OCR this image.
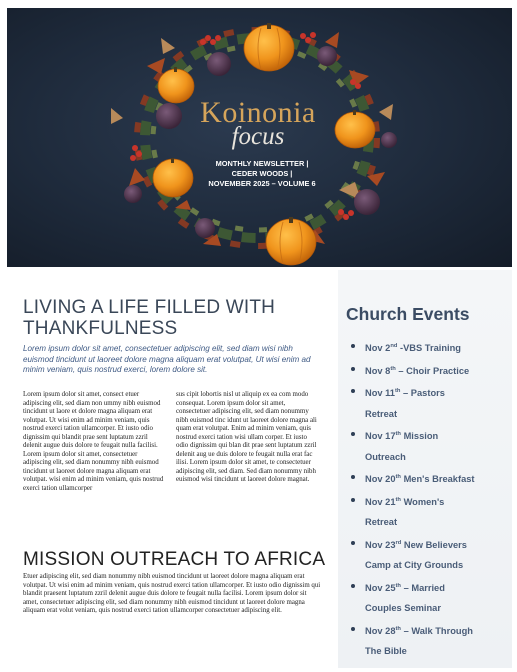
Koinonia
focus
MONTHLY NEWSLETTER |
CEDER WOODS |
NOVEMBER 2025 – VOLUME 6
LIVING A LIFE FILLED WITH
THANKFULNESS
Lorem ipsum dolor sit amet, consectetuer adipiscing elit, sed diam wisi nibh euismod tincidunt ut laoreet dolore magna aliquam erat volutpat, Ut wisi enim ad minim veniam, quis nostrud exerci, lorem dolore sit.
Lorem ipsum dolor sit amet, consect etuer adipiscing elit, sed diam non ummy nibh euismod tincidunt ut laore et dolore magna aliquam erat volutpat. Ut wisi enim ad minim veniam, quis nostrud exerci tation ullamcorper. Et iusto odio dignissim qui blandit prae sent luptatum zzril delenit augue duis dolore te feugait nulla facilisi. Lorem ipsum dolor sit amet, consectetuer adipiscing elit, sed diam nonummy nibh euismod tincidunt ut laoreet dolore magna aliquam erat volutpat. wisi enim ad minim veniam, quis nostrud exerci tation ullamcorper
sus cipit lobortis nisl ut aliquip ex ea com modo consequat. Lorem ipsum dolor sit amet, consectetuer adipiscing elit, sed diam nonummy nibh euismod tinc idunt ut laoreet dolore magna ali quam erat volutpat. Enim ad minim veniam, quis nostrud exerci tation wisi ullam corper. Et iusto odio dignissim qui blan dit prae sent luptatum zzril delenit aug ue duis dolore te feugait nulla erat fac ilisi. Lorem ipsum dolor sit amet, te consectetuer adipiscing elit, sed diam. Sed diam nonummy nibh euismod wisi tincidunt ut laoreet dolore magnat.
MISSION OUTREACH TO AFRICA
Etuer adipiscing elit, sed diam nonummy nibh euismod tincidunt ut laoreet dolore magna aliquam erat volutpat. Ut wisi enim ad minim veniam, quis nostrud exerci tation ullamcorper. Et iusto odio dignissim qui blandit praesent luptatum zzril delenit augue duis dolore te feugait nulla facilisi. Lorem ipsum dolor sit amet, consectetuer adipiscing elit, sed diam nonummy nibh euismod tincidunt ut laoreet dolore magna aliquam erat volut veniam, quis nostrud exerci tation ullamcorper consectetuer adipiscing elit.
Church Events
Nov 2nd -VBS Training
Nov 8th – Choir Practice
Nov 11th – Pastors
Retreat
Nov 17th Mission
Outreach
Nov 20th Men's Breakfast
Nov 21th Women's
Retreat
Nov 23rd New Believers
Camp at City Grounds
Nov 25th – Married
Couples Seminar
Nov 28th – Walk Through
The Bible
